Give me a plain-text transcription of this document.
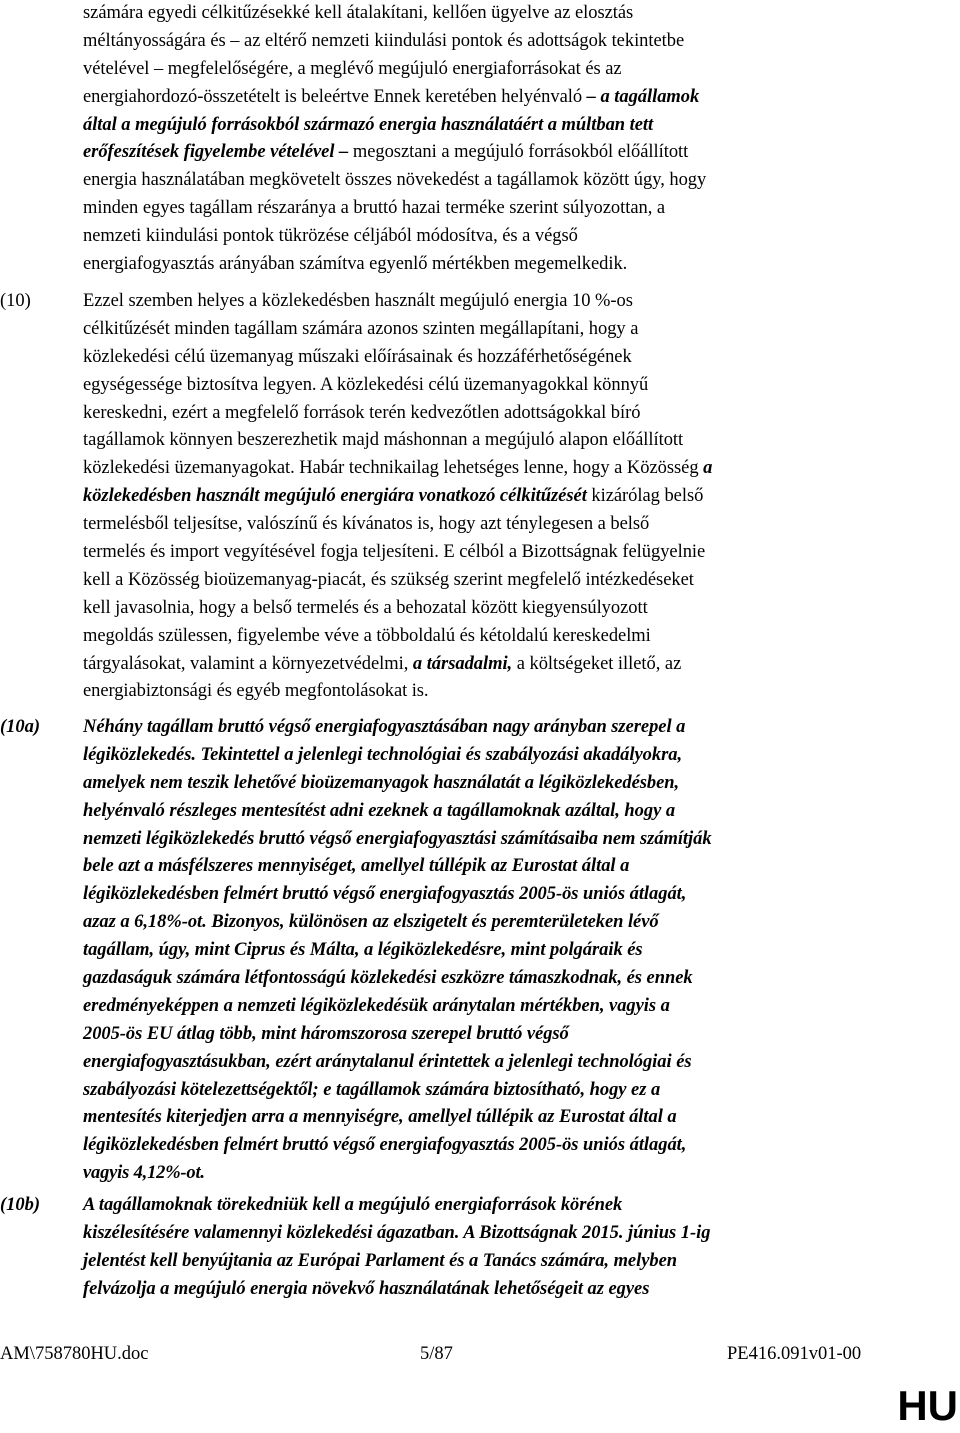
számára egyedi célkitűzésekké kell átalakítani, kellően ügyelve az elosztás
méltányosságára és – az eltérő nemzeti kiindulási pontok és adottságok tekintetbe
vételével – megfelelőségére, a meglévő megújuló energiaforrásokat és az
energiahordozó-összetételt is beleértve Ennek keretében helyénvaló – a tagállamok
által a megújuló forrásokból származó energia használatáért a múltban tett
erőfeszítések figyelembe vételével – megosztani a megújuló forrásokból előállított
energia használatában megkövetelt összes növekedést a tagállamok között úgy, hogy
minden egyes tagállam részaránya a bruttó hazai terméke szerint súlyozottan, a
nemzeti kiindulási pontok tükrözése céljából módosítva, és a végső
energiafogyasztás arányában számítva egyenlő mértékben megemelkedik.
(10)	Ezzel szemben helyes a közlekedésben használt megújuló energia 10 %-os
célkitűzését minden tagállam számára azonos szinten megállapítani, hogy a
közlekedési célú üzemanyag műszaki előírásainak és hozzáférhetőségének
egységessége biztosítva legyen. A közlekedési célú üzemanyagokkal könnyű
kereskedni, ezért a megfelelő források terén kedvezőtlen adottságokkal bíró
tagállamok könnyen beszerezhetik majd máshonnan a megújuló alapon előállított
közlekedési üzemanyagokat. Habár technikailag lehetséges lenne, hogy a Közösség a
közlekedésben használt megújuló energiára vonatkozó célkitűzését kizárólag belső
termelésből teljesítse, valószínű és kívánatos is, hogy azt ténylegesen a belső
termelés és import vegyítésével fogja teljesíteni. E célból a Bizottságnak felügyelnie
kell a Közösség bioüzemanyag-piacát, és szükség szerint megfelelő intézkedéseket
kell javasolnia, hogy a belső termelés és a behozatal között kiegyensúlyozott
megoldás szülessen, figyelembe véve a többoldalú és kétoldalú kereskedelmi
tárgyalásokat, valamint a környezetvédelmi, a társadalmi, a költségeket illető, az
energiabiztonsági és egyéb megfontolásokat is.
(10a) Néhány tagállam bruttó végső energiafogyasztásában nagy arányban szerepel a
légiközlekedés. Tekintettel a jelenlegi technológiai és szabályozási akadályokra,
amelyek nem teszik lehetővé bioüzemanyagok használatát a légiközlekedésben,
helyénvaló részleges mentesítést adni ezeknek a tagállamoknak azáltal, hogy a
nemzeti légiközlekedés bruttó végső energiafogyasztási számításaiba nem számítják
bele azt a másfélszeres mennyiséget, amellyel túllépik az Eurostat által a
légiközlekedésben felmért bruttó végső energiafogyasztás 2005-ös uniós átlagát,
azaz a 6,18%-ot. Bizonyos, különösen az elszigetelt és peremterületeken lévő
tagállam, úgy, mint Ciprus és Málta, a légiközlekedésre, mint polgáraik és
gazdaságuk számára létfontosságú közlekedési eszközre támaszkodnak, és ennek
eredményeképpen a nemzeti légiközlekedésük aránytalan mértékben, vagyis a
2005-ös EU átlag több, mint háromszorosa szerepel bruttó végső
energiafogyasztásukban, ezért aránytalanul érintettek a jelenlegi technológiai és
szabályozási kötelezettségektől; e tagállamok számára biztosítható, hogy ez a
mentesítés kiterjedjen arra a mennyiségre, amellyel túllépik az Eurostat által a
légiközlekedésben felmért bruttó végső energiafogyasztás 2005-ös uniós átlagát,
vagyis 4,12%-ot.
(10b) A tagállamoknak törekedniük kell a megújuló energiaforrások körének
kiszélesítésére valamennyi közlekedési ágazatban. A Bizottságnak 2015. június 1-ig
jelentést kell benyújtania az Európai Parlament és a Tanács számára, melyben
felvázolja a megújuló energia növekvő használatának lehetőségeit az egyes
AM\758780HU.doc	5/87	PE416.091v01-00
HU
